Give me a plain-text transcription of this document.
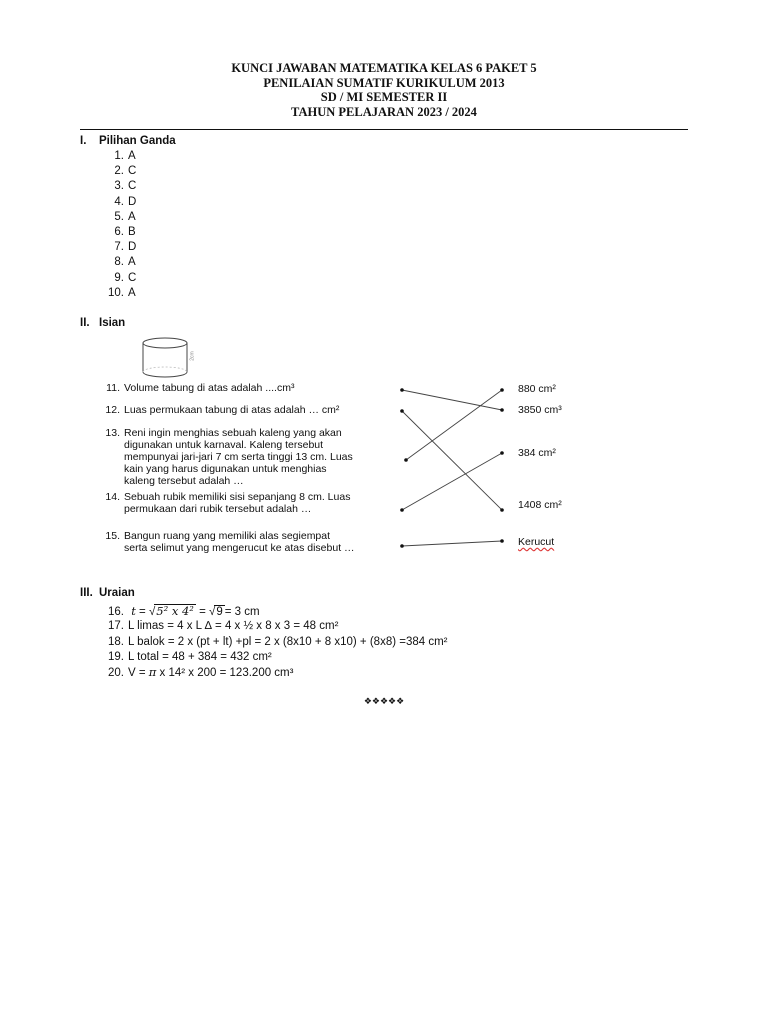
KUNCI JAWABAN MATEMATIKA KELAS 6 PAKET 5
PENILAIAN SUMATIF KURIKULUM 2013
SD / MI SEMESTER II
TAHUN PELAJARAN 2023 / 2024
I. Pilihan Ganda
1. A
2. C
3. C
4. D
5. A
6. B
7. D
8. A
9. C
10. A
II. Isian
2cm
11. Volume tabung di atas adalah ....cm³
12. Luas permukaan tabung di atas adalah … cm²
13. Reni ingin menghias sebuah kaleng yang akan
digunakan untuk karnaval. Kaleng tersebut
mempunyai jari-jari 7 cm serta tinggi 13 cm. Luas
kain yang harus digunakan untuk menghias
kaleng tersebut adalah …
14. Sebuah rubik memiliki sisi sepanjang 8 cm. Luas
permukaan dari rubik tersebut adalah …
15. Bangun ruang yang memiliki alas segiempat
serta selimut yang mengerucut ke atas disebut …
880 cm²
3850 cm³
384 cm²
1408 cm²
Kerucut
III. Uraian
16. t = √5² x 4² = √9 = 3 cm
17. L limas = 4 x L ∆ = 4 x ½ x 8 x 3 = 48 cm²
18. L balok = 2 x (pt + lt) +pl = 2 x (8x10 + 8 x10) + (8x8) =384 cm²
19. L total = 48 + 384 = 432 cm²
20. V = π x 14² x 200 = 123.200 cm³
❖❖❖❖❖
